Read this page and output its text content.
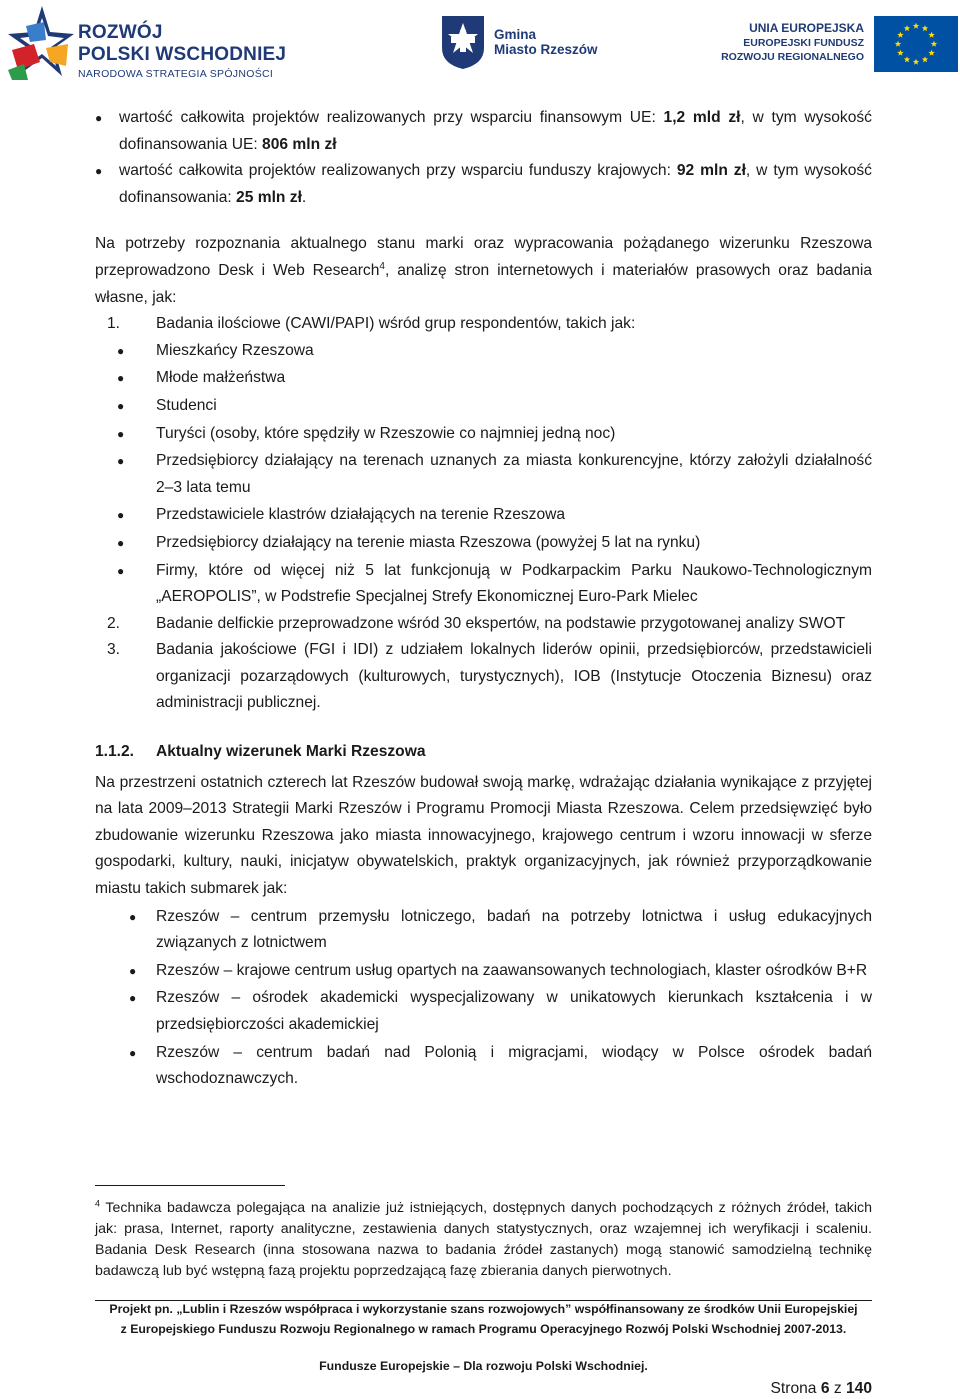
ROZWÓJ
POLSKI WSCHODNIEJ
NARODOWA STRATEGIA SPÓJNOŚCI
Gmina
Miasto Rzeszów
UNIA EUROPEJSKA
EUROPEJSKI FUNDUSZ
ROZWOJU REGIONALNEGO
●	wartość całkowita projektów realizowanych przy wsparciu finansowym UE: 1,2 mld zł, w tym wysokość dofinansowania UE: 806 mln zł
●	wartość całkowita projektów realizowanych przy wsparciu funduszy krajowych: 92 mln zł, w tym wysokość dofinansowania: 25 mln zł.
Na potrzeby rozpoznania aktualnego stanu marki oraz wypracowania pożądanego wizerunku Rzeszowa przeprowadzono Desk i Web Research$^4$, analizę stron internetowych i materiałów prasowych oraz badania własne, jak:
1. Badania ilościowe (CAWI/PAPI) wśród grup respondentów, takich jak:
● Mieszkańcy Rzeszowa
● Młode małżeństwa
● Studenci
● Turyści (osoby, które spędziły w Rzeszowie co najmniej jedną noc)
● Przedsiębiorcy działający na terenach uznanych za miasta konkurencyjne, którzy założyli działalność 2–3 lata temu
● Przedstawiciele klastrów działających na terenie Rzeszowa
● Przedsiębiorcy działający na terenie miasta Rzeszowa (powyżej 5 lat na rynku)
● Firmy, które od więcej niż 5 lat funkcjonują w Podkarpackim Parku Naukowo-Technologicznym „AEROPOLIS”, w Podstrefie Specjalnej Strefy Ekonomicznej Euro-Park Mielec
2. Badanie delfickie przeprowadzone wśród 30 ekspertów, na podstawie przygotowanej analizy SWOT
3. Badania jakościowe (FGI i IDI) z udziałem lokalnych liderów opinii, przedsiębiorców, przedstawicieli organizacji pozarządowych (kulturowych, turystycznych), IOB (Instytucje Otoczenia Biznesu) oraz administracji publicznej.
1.1.2.	Aktualny wizerunek Marki Rzeszowa
Na przestrzeni ostatnich czterech lat Rzeszów budował swoją markę, wdrażając działania wynikające z przyjętej na lata 2009–2013 Strategii Marki Rzeszów i Programu Promocji Miasta Rzeszowa. Celem przedsięwzięć było zbudowanie wizerunku Rzeszowa jako miasta innowacyjnego, krajowego centrum i wzoru innowacji w sferze gospodarki, kultury, nauki, inicjatyw obywatelskich, praktyk organizacyjnych, jak również przyporządkowanie miastu takich submarek jak:
● Rzeszów – centrum przemysłu lotniczego, badań na potrzeby lotnictwa i usług edukacyjnych związanych z lotnictwem
● Rzeszów – krajowe centrum usług opartych na zaawansowanych technologiach, klaster ośrodków B+R
● Rzeszów – ośrodek akademicki wyspecjalizowany w unikatowych kierunkach kształcenia i w przedsiębiorczości akademickiej
● Rzeszów – centrum badań nad Polonią i migracjami, wiodący w Polsce ośrodek badań wschodoznawczych.
$^4$ Technika badawcza polegająca na analizie już istniejących, dostępnych danych pochodzących z różnych źródeł, takich jak: prasa, Internet, raporty analityczne, zestawienia danych statystycznych, oraz wzajemnej ich weryfikacji i scaleniu. Badania Desk Research (inna stosowana nazwa to badania źródeł zastanych) mogą stanowić samodzielną technikę badawczą lub być wstępną fazą projektu poprzedzającą fazę zbierania danych pierwotnych.
Projekt pn. „Lublin i Rzeszów współpraca i wykorzystanie szans rozwojowych” współfinansowany ze środków Unii Europejskiej
z Europejskiego Funduszu Rozwoju Regionalnego w ramach Programu Operacyjnego Rozwój Polski Wschodniej 2007-2013.
Fundusze Europejskie – Dla rozwoju Polski Wschodniej.
Strona 6 z 140
